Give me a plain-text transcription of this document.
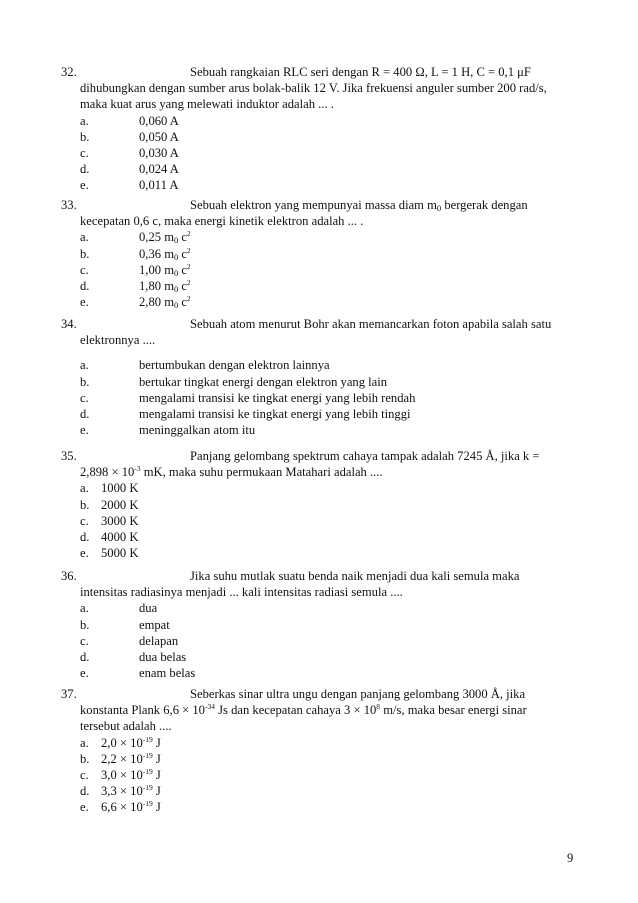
32.	Sebuah rangkaian RLC seri dengan R = 400 Ω, L = 1 H, C = 0,1 μF
dihubungkan dengan sumber arus bolak-balik 12 V. Jika frekuensi anguler sumber 200 rad/s,
maka kuat arus yang melewati induktor adalah ... .
a.	0,060 A
b.	0,050 A
c.	0,030 A
d.	0,024 A
e.	0,011 A
33.	Sebuah elektron yang mempunyai massa diam $m_0$ bergerak dengan
kecepatan 0,6 c, maka energi kinetik elektron adalah ... .
a.	0,25 $m_0$ $c^2$
b.	0,36 $m_0$ $c^2$
c.	1,00 $m_0$ $c^2$
d.	1,80 $m_0$ $c^2$
e.	2,80 $m_0$ $c^2$
34.	Sebuah atom menurut Bohr akan memancarkan foton apabila salah satu
elektronnya ....
a.	bertumbukan dengan elektron lainnya
b.	bertukar tingkat energi dengan elektron yang lain
c.	mengalami transisi ke tingkat energi yang lebih rendah
d.	mengalami transisi ke tingkat energi yang lebih tinggi
e.	meninggalkan atom itu
35.	Panjang gelombang spektrum cahaya tampak adalah 7245 Å, jika k =
$2,898 \times 10^{-3}$ mK, maka suhu permukaan Matahari adalah ....
a. 1000 K
b. 2000 K
c. 3000 K
d. 4000 K
e. 5000 K
36.	Jika suhu mutlak suatu benda naik menjadi dua kali semula maka
intensitas radiasinya menjadi ... kali intensitas radiasi semula ....
a.	dua
b.	empat
c.	delapan
d.	dua belas
e.	enam belas
37.	Seberkas sinar ultra ungu dengan panjang gelombang 3000 Å, jika
konstanta Plank $6,6 \times 10^{-34}$ Js dan kecepatan cahaya $3 \times 10^8$ m/s, maka besar energi sinar
tersebut adalah ....
a. $2,0 \times 10^{-19}$ J
b. $2,2 \times 10^{-19}$ J
c. $3,0 \times 10^{-19}$ J
d. $3,3 \times 10^{-19}$ J
e. $6,6 \times 10^{-19}$ J
9
